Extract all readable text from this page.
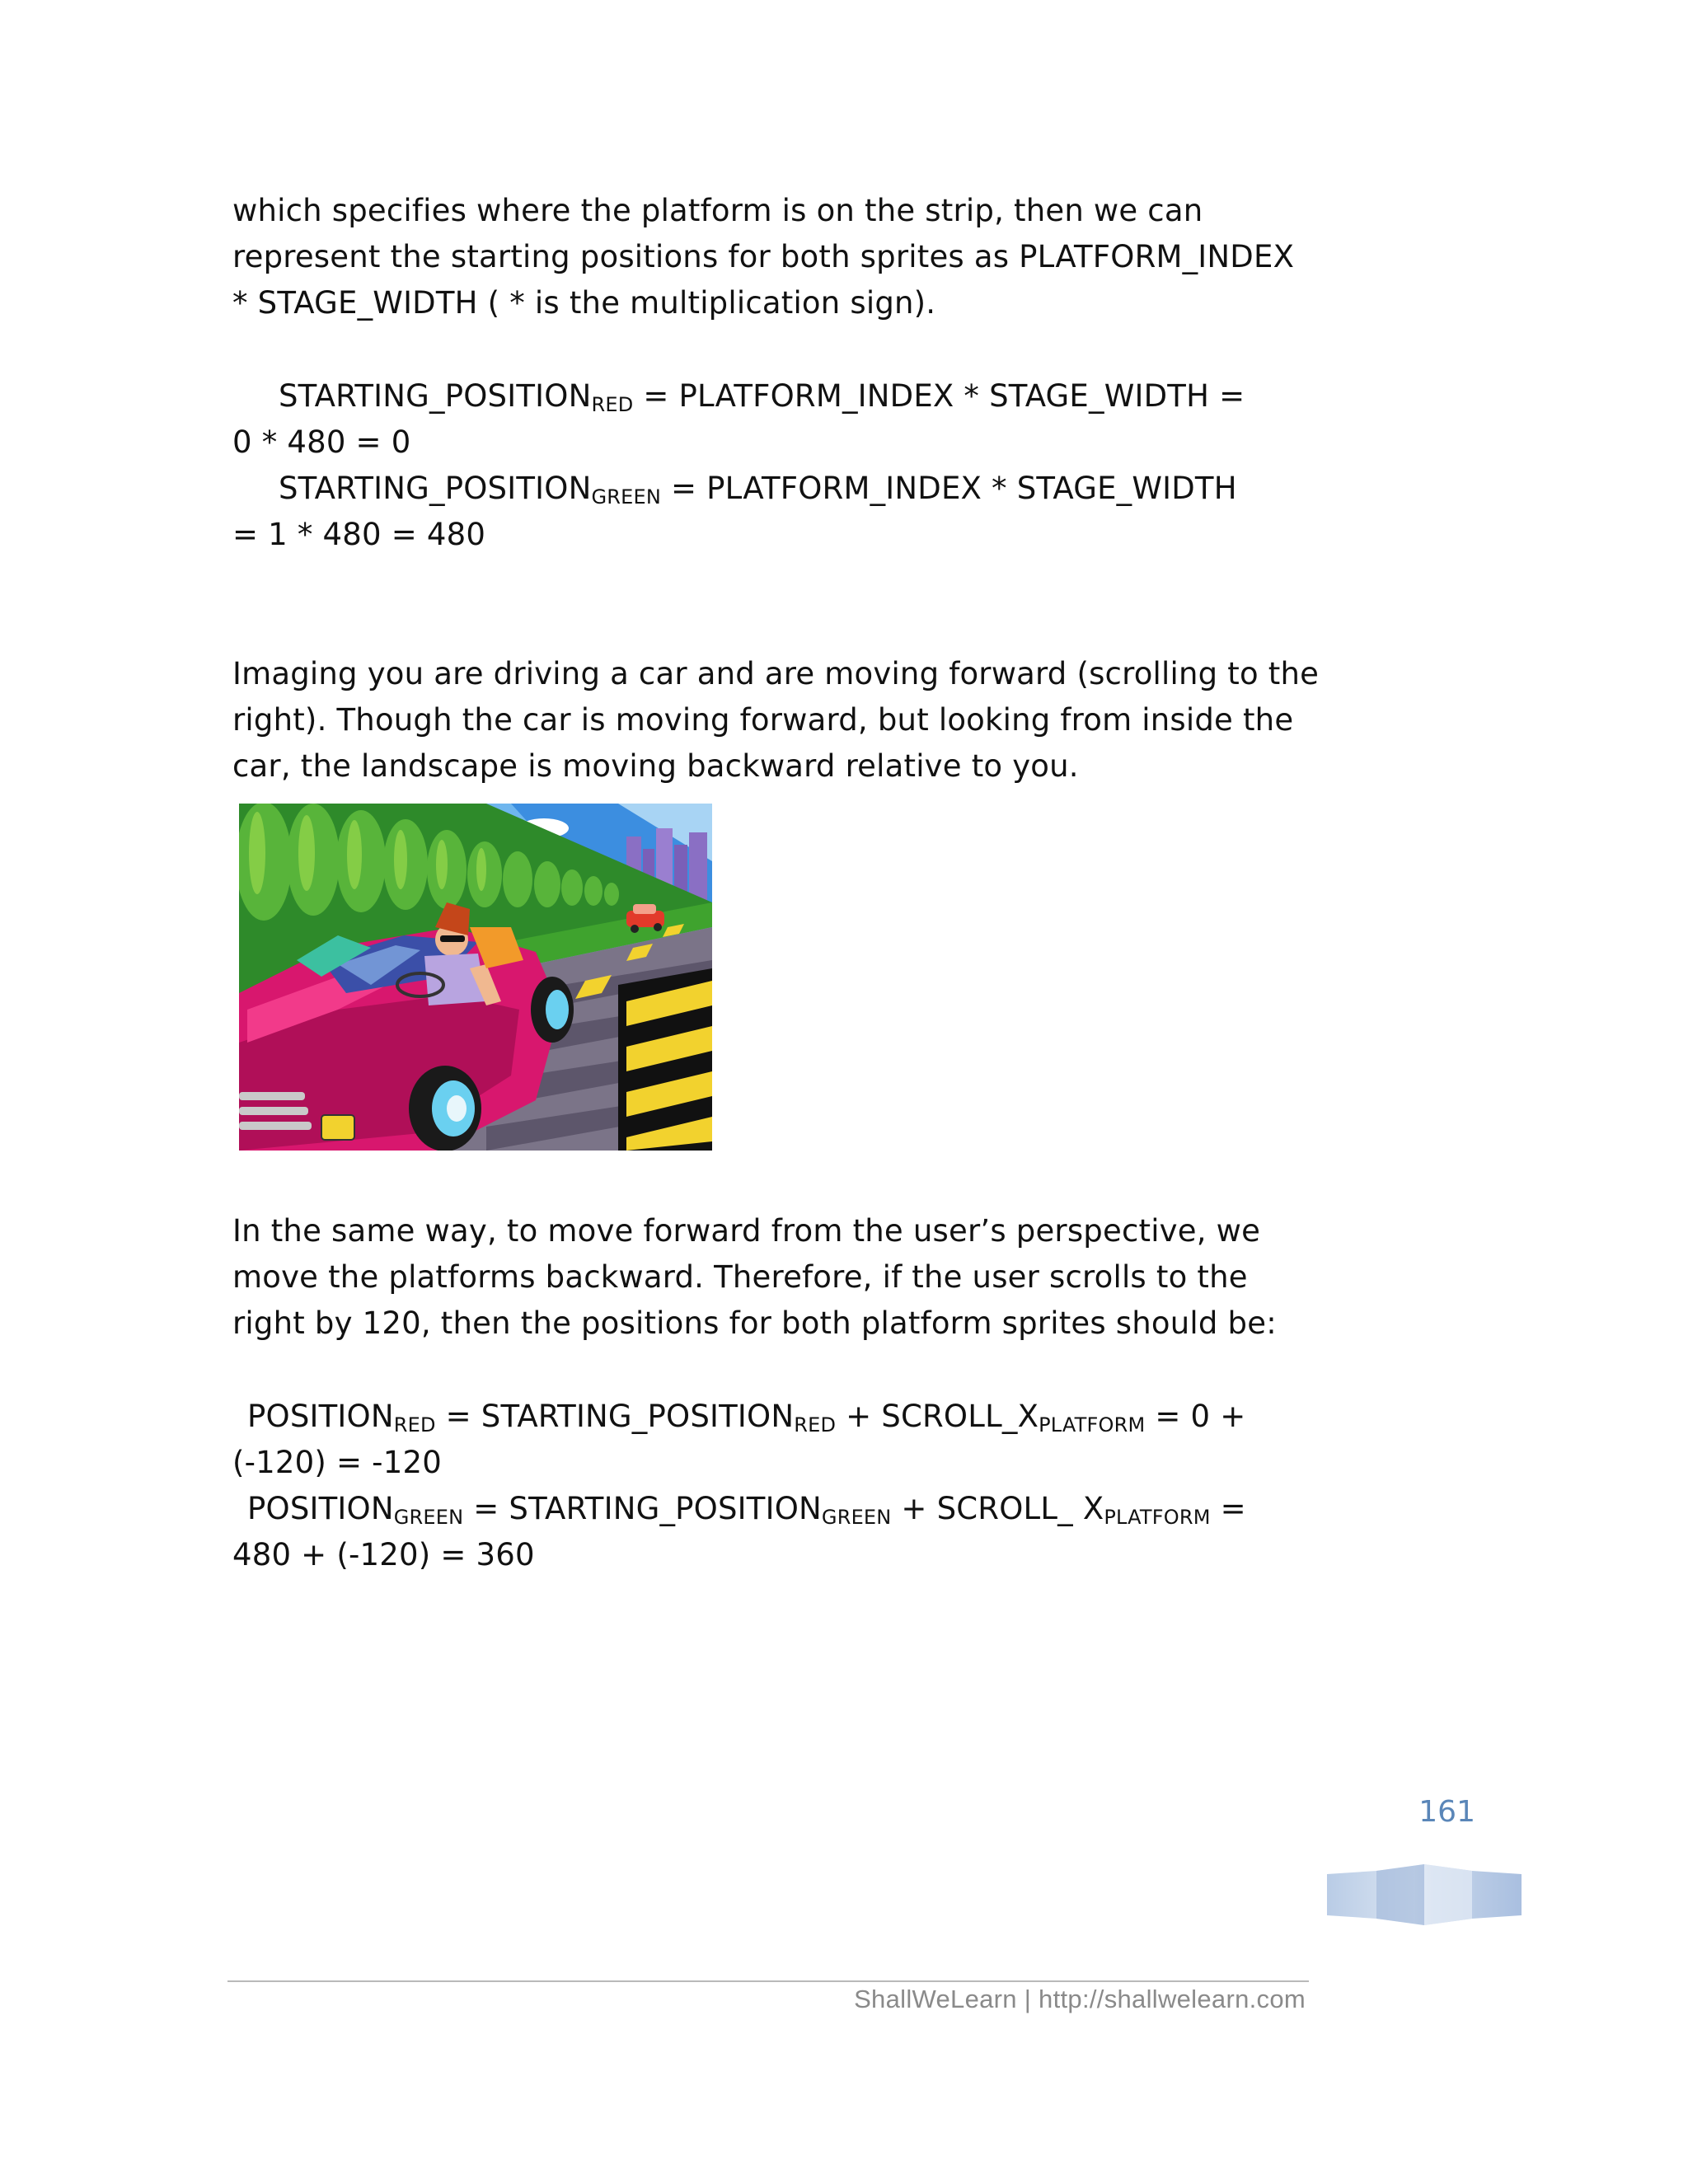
which specifies where the platform is on the strip, then we can

represent the starting positions for both sprites as PLATFORM_INDEX

* STAGE_WIDTH ( * is the multiplication sign).

$STARTING\_POSITION_{RED}$ = PLATFORM_INDEX * STAGE_WIDTH =

0 * 480 = 0

$STARTING\_POSITION_{GREEN}$ = PLATFORM_INDEX * STAGE_WIDTH

= 1 * 480 = 480

Imaging you are driving a car and are moving forward (scrolling to the

right). Though the car is moving forward, but looking from inside the

car, the landscape is moving backward relative to you.

In the same way, to move forward from the user’s perspective, we

move the platforms backward. Therefore, if the user scrolls to the

right by 120, then the positions for both platform sprites should be:

$POSITION_{RED}$ = $STARTING\_POSITION_{RED}$ + $SCROLL\_X_{PLATFORM} = 0$ +

(-120) = -120

$POSITION_{GREEN}$ = $STARTING\_POSITION_{GREEN}$ + SCROLL_ $X_{PLATFORM}$ =

480 + (-120) = 360

161
ShallWeLearn | http://shallwelearn.com
